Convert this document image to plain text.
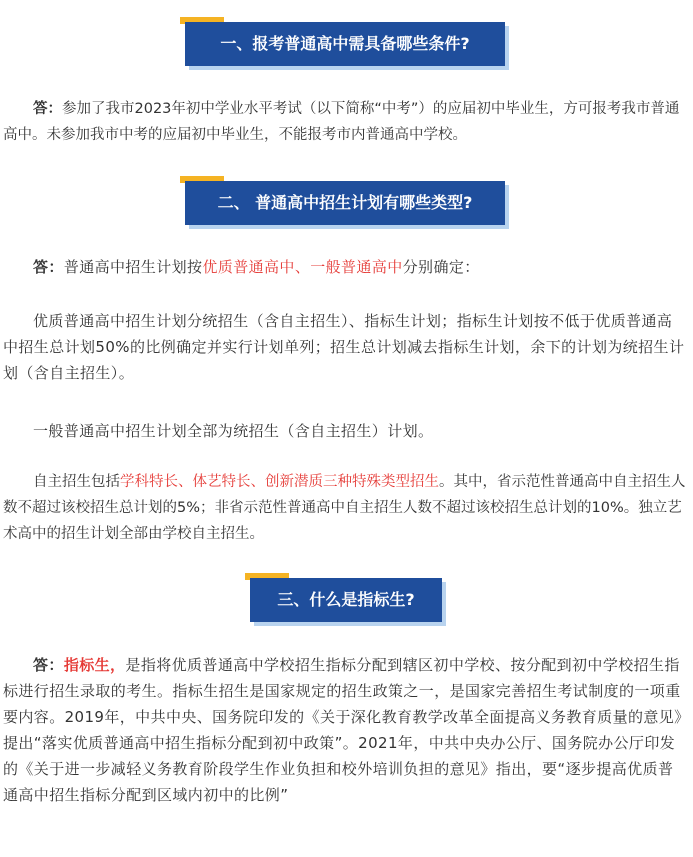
一、报考普通高中需具备哪些条件?

答：参加了我市2023年初中学业水平考试（以下简称“中考”）的应届初中毕业生，方可报考我市普通高中。未参加我市中考的应届初中毕业生，不能报考市内普通高中学校。

二、 普通高中招生计划有哪些类型?

答：普通高中招生计划按优质普通高中、一般普通高中分别确定：

优质普通高中招生计划分统招生（含自主招生）、指标生计划；指标生计划按不低于优质普通高中招生总计划50%的比例确定并实行计划单列；招生总计划减去指标生计划，余下的计划为统招生计划（含自主招生）。

一般普通高中招生计划全部为统招生（含自主招生）计划。

自主招生包括学科特长、体艺特长、创新潜质三种特殊类型招生。其中，省示范性普通高中自主招生人数不超过该校招生总计划的5%；非省示范性普通高中自主招生人数不超过该校招生总计划的10%。独立艺术高中的招生计划全部由学校自主招生。

三、什么是指标生?

答：指标生，是指将优质普通高中学校招生指标分配到辖区初中学校、按分配到初中学校招生指标进行招生录取的考生。指标生招生是国家规定的招生政策之一，是国家完善招生考试制度的一项重要内容。2019年，中共中央、国务院印发的《关于深化教育教学改革全面提高义务教育质量的意见》提出“落实优质普通高中招生指标分配到初中政策”。2021年，中共中央办公厅、国务院办公厅印发的《关于进一步减轻义务教育阶段学生作业负担和校外培训负担的意见》指出，要“逐步提高优质普通高中招生指标分配到区域内初中的比例”
